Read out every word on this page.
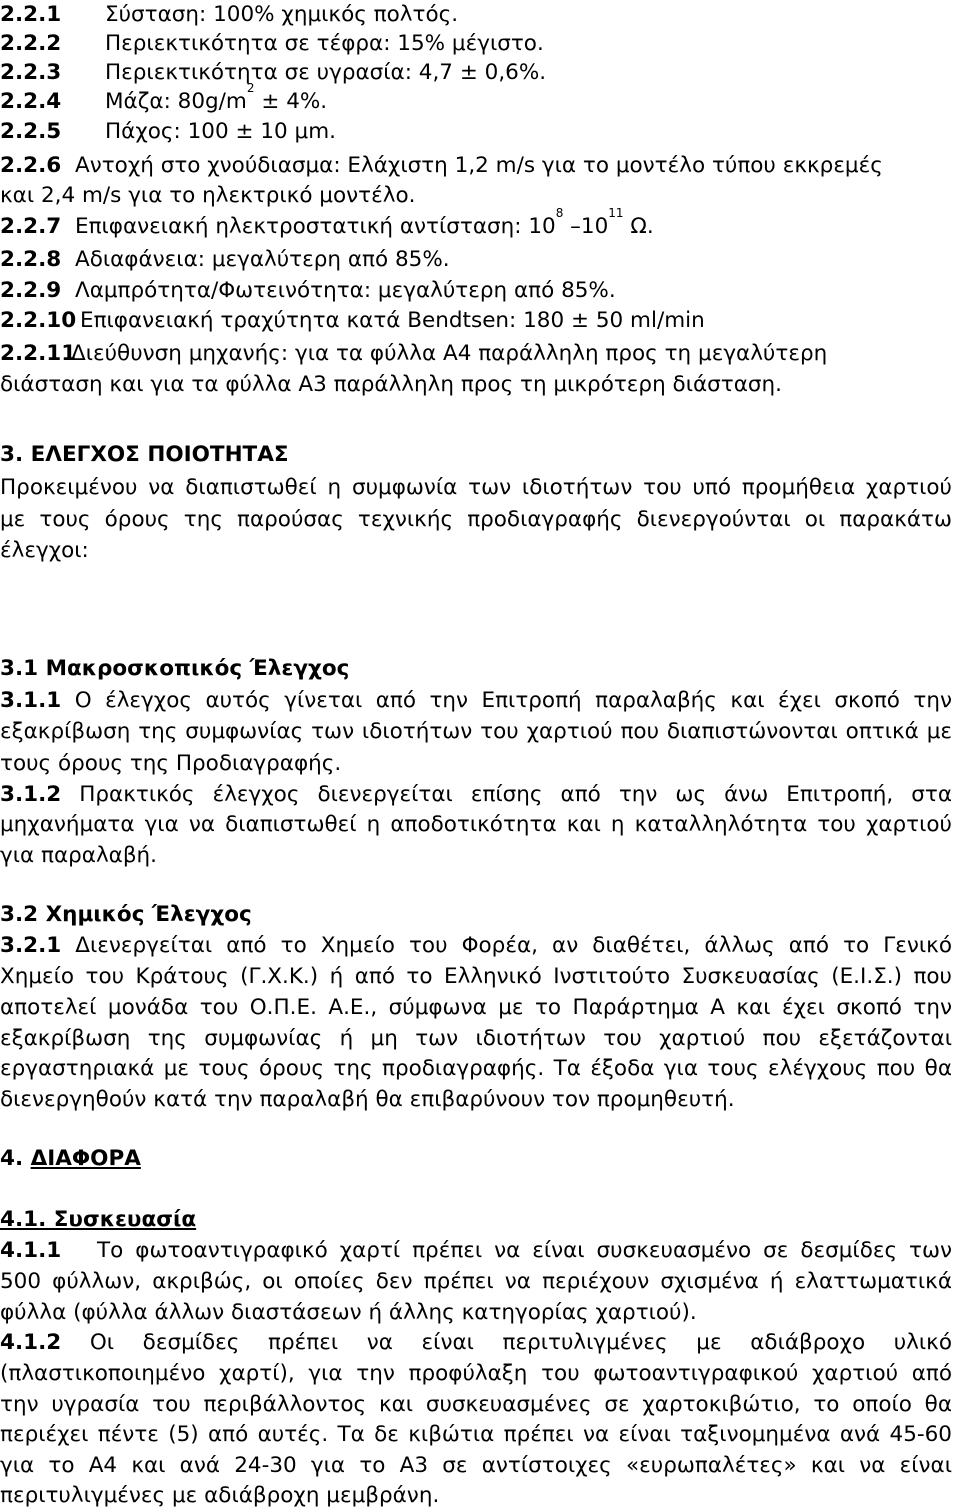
2.2.1 Σύσταση: 100% χημικός πολτός.
2.2.2 Περιεκτικότητα σε τέφρα: 15% μέγιστο.
2.2.3 Περιεκτικότητα σε υγρασία: 4,7 ± 0,6%.
2.2.4 Μάζα: $80g/m^2 \pm 4\%$.
2.2.5 Πάχος: 100 ± 10 μm.
2.2.6 Αντοχή στο χνούδιασμα: Ελάχιστη 1,2 m/s για το μοντέλο τύπου εκκρεμές
και 2,4 m/s για το ηλεκτρικό μοντέλο.
2.2.7 Επιφανειακή ηλεκτροστατική αντίσταση: $10^8$ $-10^{11}$ Ω.
2.2.8 Αδιαφάνεια: μεγαλύτερη από 85%.
2.2.9 Λαμπρότητα/Φωτεινότητα: μεγαλύτερη από 85%.
2.2.10 Επιφανειακή τραχύτητα κατά Bendtsen: 180 ± 50 ml/min
2.2.11Διεύθυνση μηχανής: για τα φύλλα Α4 παράλληλη προς τη μεγαλύτερη
διάσταση και για τα φύλλα Α3 παράλληλη προς τη μικρότερη διάσταση.
3. ΕΛΕΓΧΟΣ ΠΟΙΟΤΗΤΑΣ
Προκειμένου να διαπιστωθεί η συμφωνία των ιδιοτήτων του υπό προμήθεια χαρτιού
με τους όρους της παρούσας τεχνικής προδιαγραφής διενεργούνται οι παρακάτω
έλεγχοι:
3.1 Μακροσκοπικός Έλεγχος
3.1.1 Ο έλεγχος αυτός γίνεται από την Επιτροπή παραλαβής και έχει σκοπό την
εξακρίβωση της συμφωνίας των ιδιοτήτων του χαρτιού που διαπιστώνονται οπτικά με
τους όρους της Προδιαγραφής.
3.1.2 Πρακτικός έλεγχος διενεργείται επίσης από την ως άνω Επιτροπή, στα
μηχανήματα για να διαπιστωθεί η αποδοτικότητα και η καταλληλότητα του χαρτιού
για παραλαβή.
3.2 Χημικός Έλεγχος
3.2.1 Διενεργείται από το Χημείο του Φορέα, αν διαθέτει, άλλως από το Γενικό
Χημείο του Κράτους (Γ.Χ.Κ.) ή από το Ελληνικό Ινστιτούτο Συσκευασίας (Ε.Ι.Σ.) που
αποτελεί μονάδα του Ο.Π.Ε. Α.Ε., σύμφωνα με το Παράρτημα Α και έχει σκοπό την
εξακρίβωση της συμφωνίας ή μη των ιδιοτήτων του χαρτιού που εξετάζονται
εργαστηριακά με τους όρους της προδιαγραφής. Τα έξοδα για τους ελέγχους που θα
διενεργηθούν κατά την παραλαβή θα επιβαρύνουν τον προμηθευτή.
4. ΔΙΑΦΟΡΑ
4.1. Συσκευασία
4.1.1   Το φωτοαντιγραφικό χαρτί πρέπει να είναι συσκευασμένο σε δεσμίδες των
500 φύλλων, ακριβώς, οι οποίες δεν πρέπει να περιέχουν σχισμένα ή ελαττωματικά
φύλλα (φύλλα άλλων διαστάσεων ή άλλης κατηγορίας χαρτιού).
4.1.2 Οι δεσμίδες πρέπει να είναι περιτυλιγμένες με αδιάβροχο υλικό
(πλαστικοποιημένο χαρτί), για την προφύλαξη του φωτοαντιγραφικού χαρτιού από
την υγρασία του περιβάλλοντος και συσκευασμένες σε χαρτοκιβώτιο, το οποίο θα
περιέχει πέντε (5) από αυτές. Τα δε κιβώτια πρέπει να είναι ταξινομημένα ανά 45-60
για το Α4 και ανά 24-30 για το Α3 σε αντίστοιχες «ευρωπαλέτες» και να είναι
περιτυλιγμένες με αδιάβροχη μεμβράνη.
